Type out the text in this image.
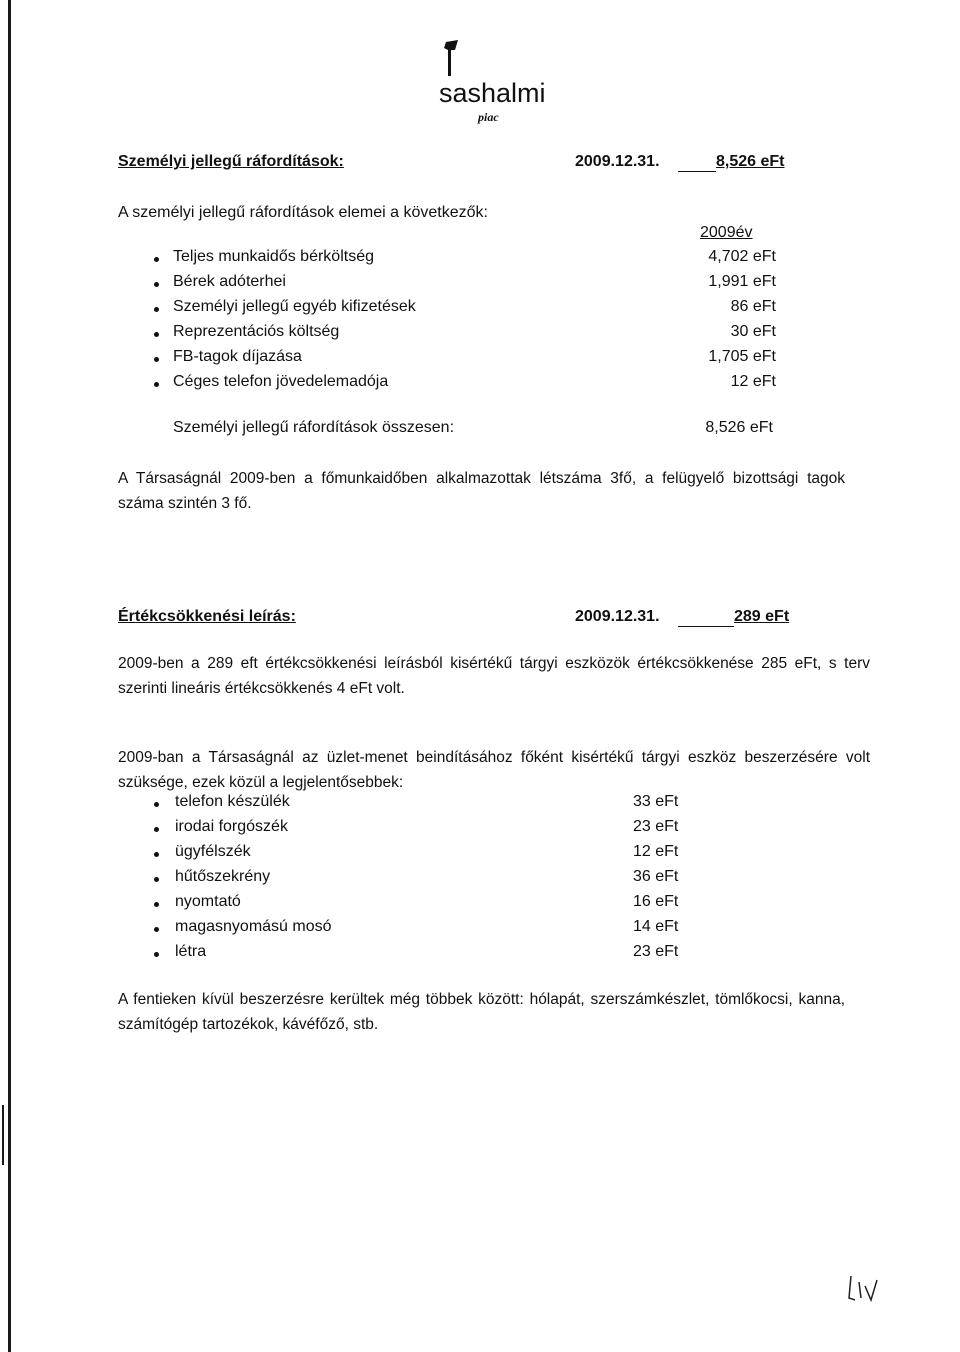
sashalmi
piac
Személyi jellegű ráfordítások:	2009.12.31.	8,526 eFt
A személyi jellegű ráfordítások elemei a következők:
2009év
Teljes munkaidős bérköltség	4,702 eFt
Bérek adóterhei	1,991 eFt
Személyi jellegű egyéb kifizetések	86 eFt
Reprezentációs költség	30 eFt
FB-tagok díjazása	1,705 eFt
Céges telefon jövedelemadója	12 eFt
Személyi jellegű ráfordítások összesen:	8,526 eFt
A Társaságnál 2009-ben a főmunkaidőben alkalmazottak létszáma 3fő, a felügyelő bizottsági tagok száma szintén 3 fő.
Értékcsökkenési leírás:	2009.12.31.	289 eFt
2009-ben a 289 eft értékcsökkenési leírásból kisértékű tárgyi eszközök értékcsökkenése 285 eFt, s terv szerinti lineáris értékcsökkenés 4 eFt volt.
2009-ban a Társaságnál az üzlet-menet beindításához főként kisértékű tárgyi eszköz beszerzésére volt szüksége, ezek közül a legjelentősebbek:
telefon készülék	33 eFt
irodai forgószék	23 eFt
ügyfélszék	12 eFt
hűtőszekrény	36 eFt
nyomtató	16 eFt
magasnyomású mosó	14 eFt
létra	23 eFt
A fentieken kívül beszerzésre kerültek még többek között: hólapát, szerszámkészlet, tömlőkocsi, kanna, számítógép tartozékok, kávéfőző, stb.
